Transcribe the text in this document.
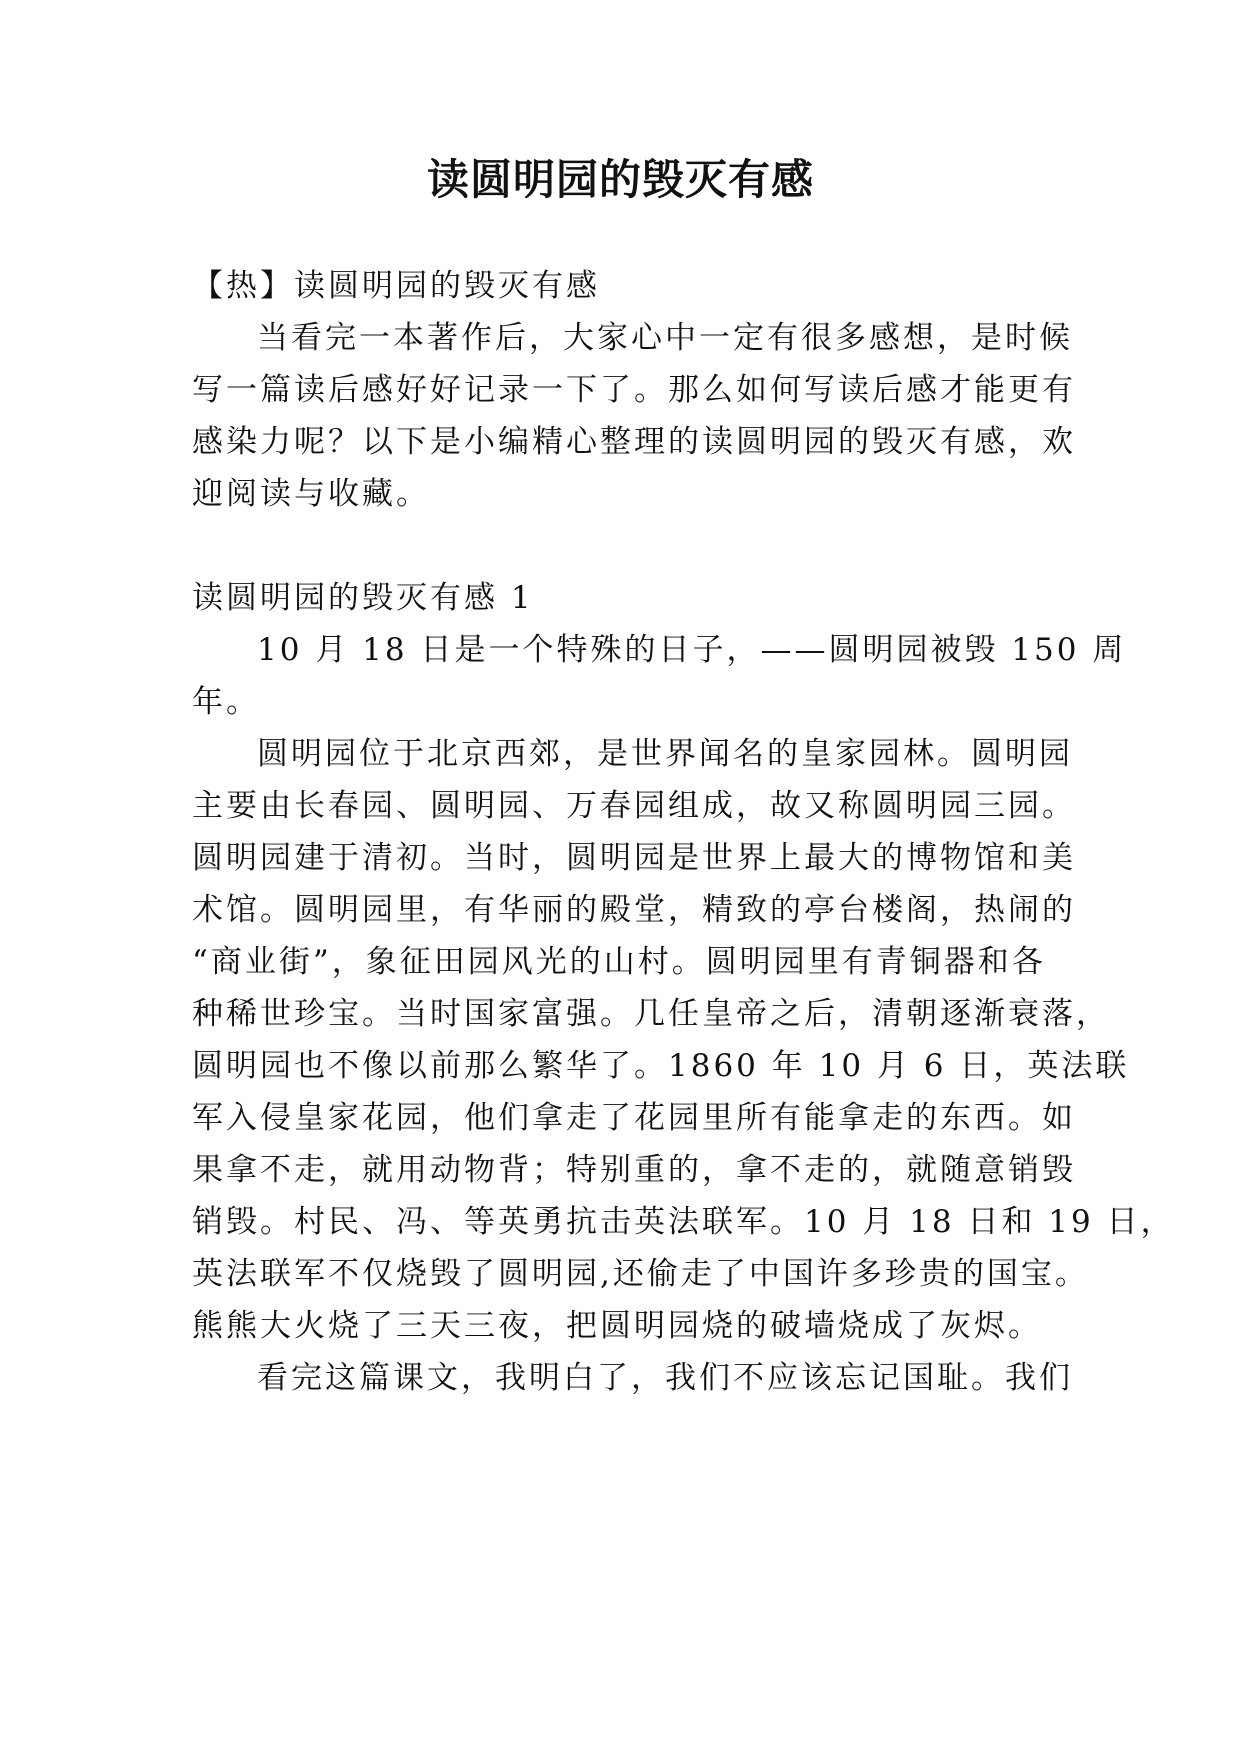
读圆明园的毁灭有感
【热】读圆明园的毁灭有感
当看完一本著作后，大家心中一定有很多感想，是时候
写一篇读后感好好记录一下了。那么如何写读后感才能更有
感染力呢？以下是小编精心整理的读圆明园的毁灭有感，欢
迎阅读与收藏。
读圆明园的毁灭有感 1
10 月 18 日是一个特殊的日子，——圆明园被毁 150 周
年。
圆明园位于北京西郊，是世界闻名的皇家园林。圆明园
主要由长春园、圆明园、万春园组成，故又称圆明园三园。
圆明园建于清初。当时，圆明园是世界上最大的博物馆和美
术馆。圆明园里，有华丽的殿堂，精致的亭台楼阁，热闹的
“商业街”，象征田园风光的山村。圆明园里有青铜器和各
种稀世珍宝。当时国家富强。几任皇帝之后，清朝逐渐衰落，
圆明园也不像以前那么繁华了。1860 年 10 月 6 日，英法联
军入侵皇家花园，他们拿走了花园里所有能拿走的东西。如
果拿不走，就用动物背；特别重的，拿不走的，就随意销毁
销毁。村民、冯、等英勇抗击英法联军。10 月 18 日和 19 日，
英法联军不仅烧毁了圆明园,还偷走了中国许多珍贵的国宝。
熊熊大火烧了三天三夜，把圆明园烧的破墙烧成了灰烬。
看完这篇课文，我明白了，我们不应该忘记国耻。我们
